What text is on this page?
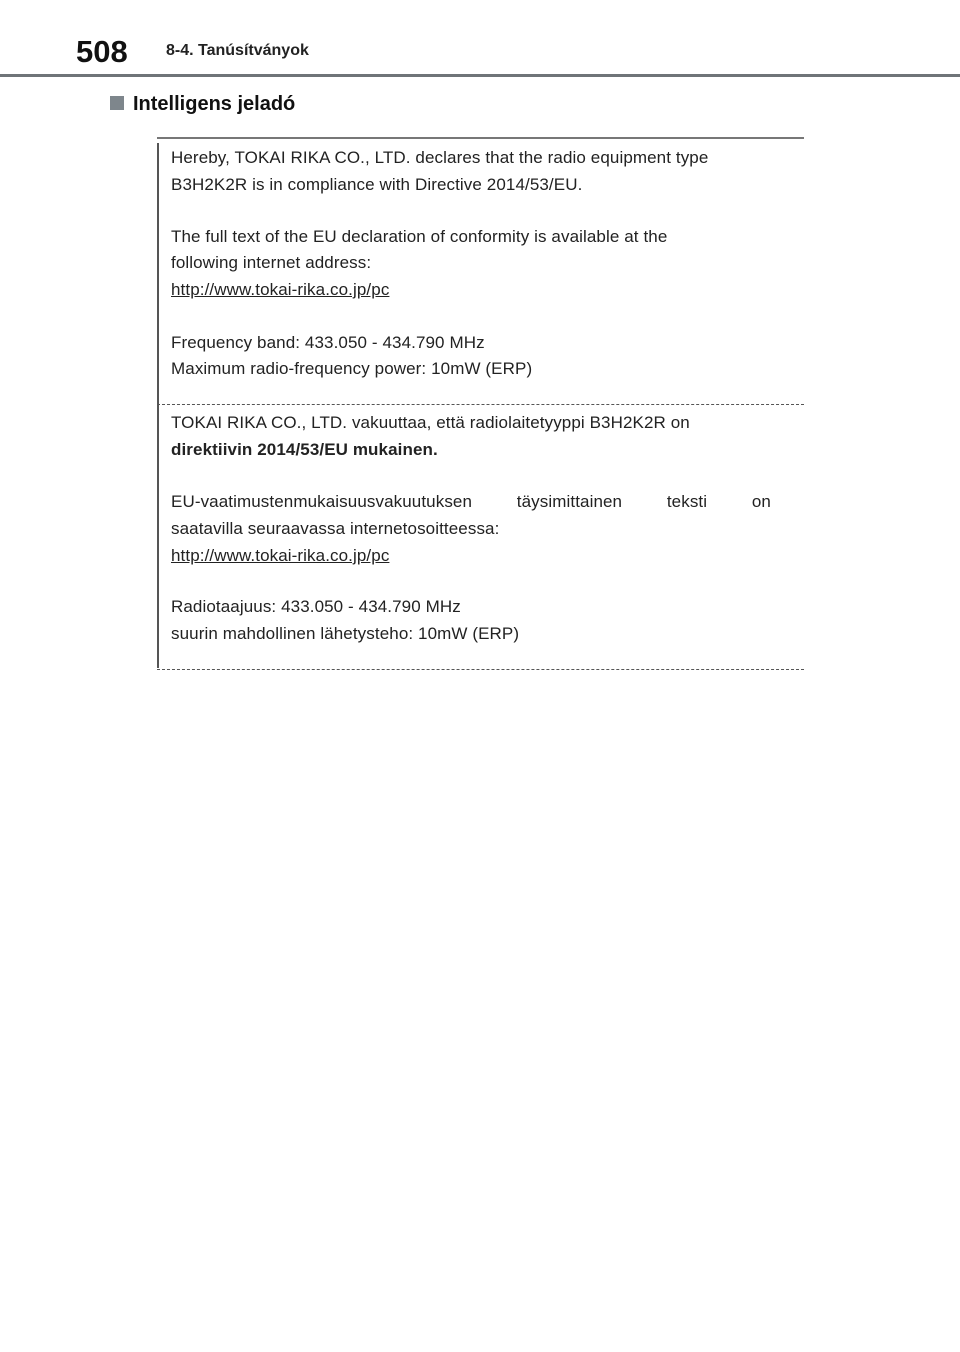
508 8-4. Tanúsítványok
Intelligens jeladó
Hereby, TOKAI RIKA CO., LTD. declares that the radio equipment type
B3H2K2R is in compliance with Directive 2014/53/EU.
The full text of the EU declaration of conformity is available at the
following internet address:
http://www.tokai-rika.co.jp/pc
Frequency band: 433.050 - 434.790 MHz
Maximum radio-frequency power: 10mW (ERP)
TOKAI RIKA CO., LTD. vakuuttaa, että radiolaitetyyppi B3H2K2R on
direktiivin 2014/53/EU mukainen.
EU-vaatimustenmukaisuusvakuutuksen	täysimittainen	teksti	on
saatavilla seuraavassa internetosoitteessa:
http://www.tokai-rika.co.jp/pc
Radiotaajuus: 433.050 - 434.790 MHz
suurin mahdollinen lähetysteho: 10mW (ERP)
